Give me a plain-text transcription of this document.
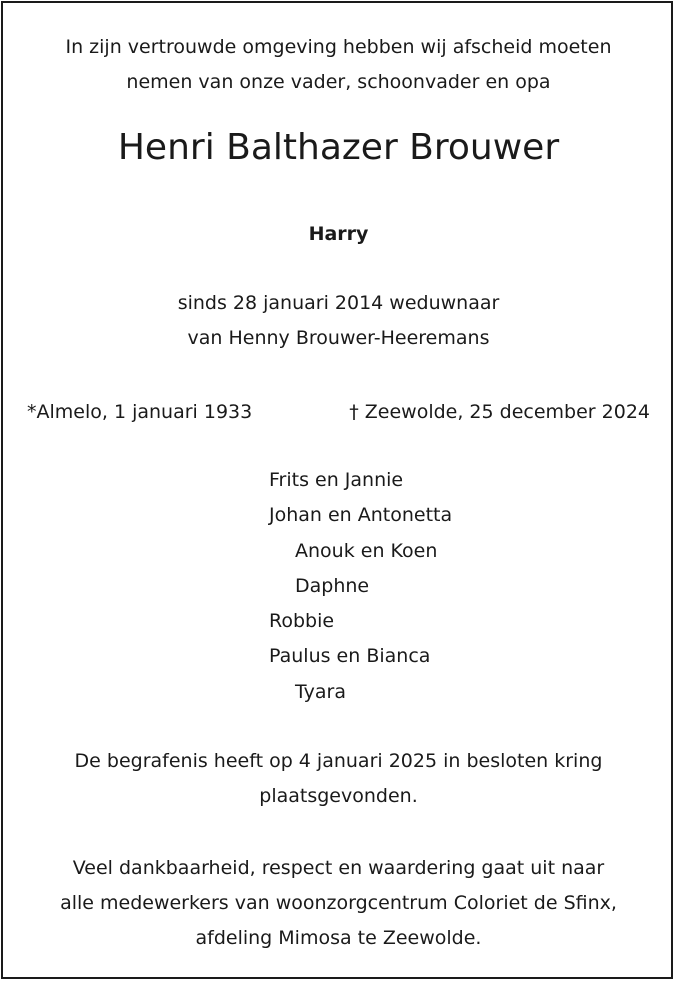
In zijn vertrouwde omgeving hebben wij afscheid moeten
nemen van onze vader, schoonvader en opa
Henri Balthazer Brouwer
Harry
sinds 28 januari 2014 weduwnaar
van Henny Brouwer-Heeremans
*Almelo, 1 januari 1933	† Zeewolde, 25 december 2024
Frits en Jannie
Johan en Antonetta
Anouk en Koen
Daphne
Robbie
Paulus en Bianca
Tyara
De begrafenis heeft op 4 januari 2025 in besloten kring
plaatsgevonden.
Veel dankbaarheid, respect en waardering gaat uit naar
alle medewerkers van woonzorgcentrum Coloriet de Sfinx,
afdeling Mimosa te Zeewolde.
